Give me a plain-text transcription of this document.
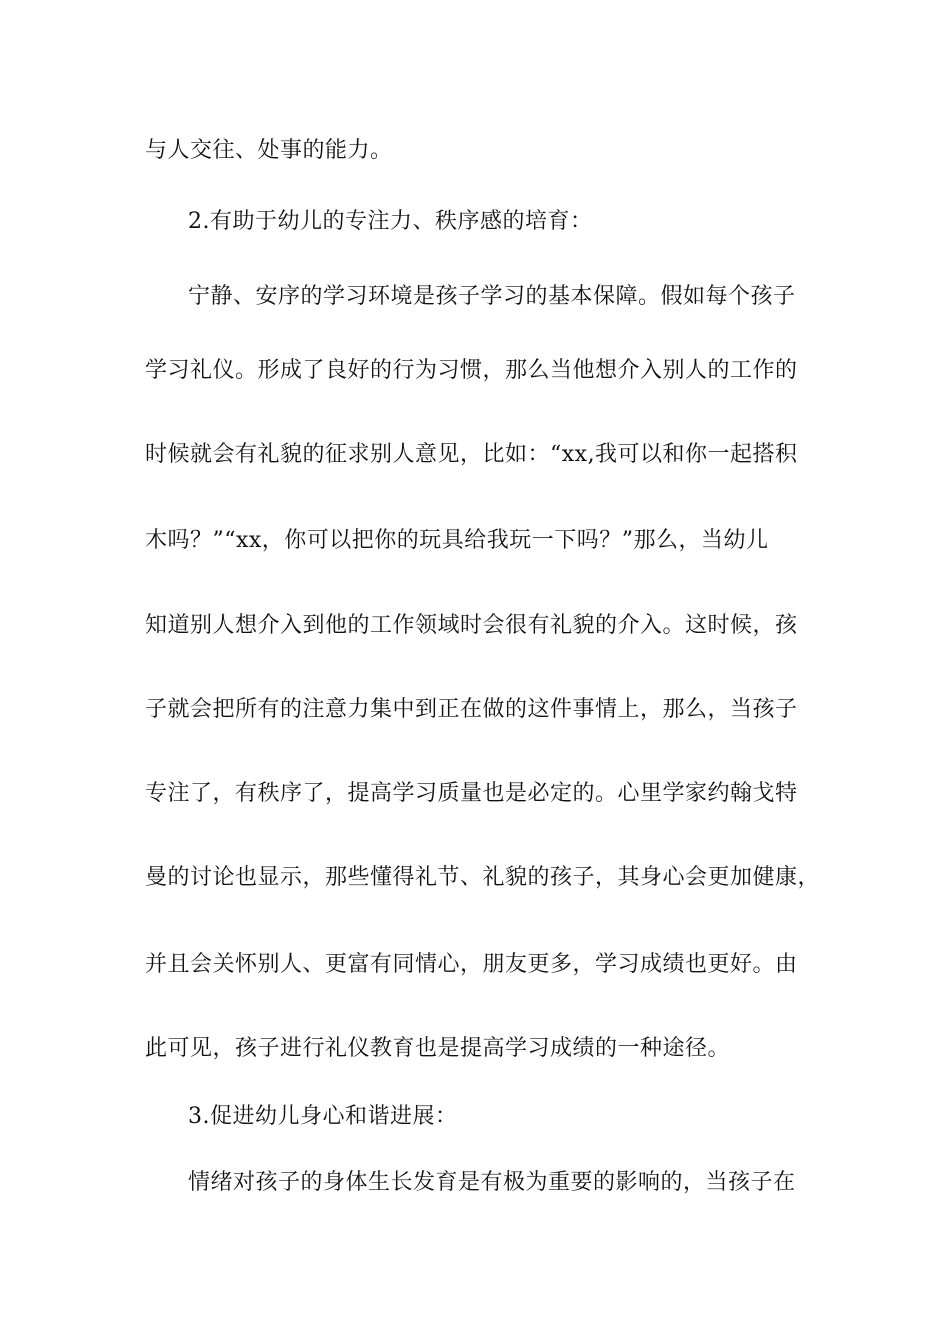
与人交往、处事的能力。
2.有助于幼儿的专注力、秩序感的培育：
宁静、安序的学习环境是孩子学习的基本保障。假如每个孩子
学习礼仪。形成了良好的行为习惯，那么当他想介入别人的工作的
时候就会有礼貌的征求别人意见，比如：“xx,我可以和你一起搭积
木吗？”“xx，你可以把你的玩具给我玩一下吗？”那么，当幼儿
知道别人想介入到他的工作领域时会很有礼貌的介入。这时候，孩
子就会把所有的注意力集中到正在做的这件事情上，那么，当孩子
专注了，有秩序了，提高学习质量也是必定的。心里学家约翰戈特
曼的讨论也显示，那些懂得礼节、礼貌的孩子，其身心会更加健康，
并且会关怀别人、更富有同情心，朋友更多，学习成绩也更好。由
此可见，孩子进行礼仪教育也是提高学习成绩的一种途径。
3.促进幼儿身心和谐进展：
情绪对孩子的身体生长发育是有极为重要的影响的，当孩子在
